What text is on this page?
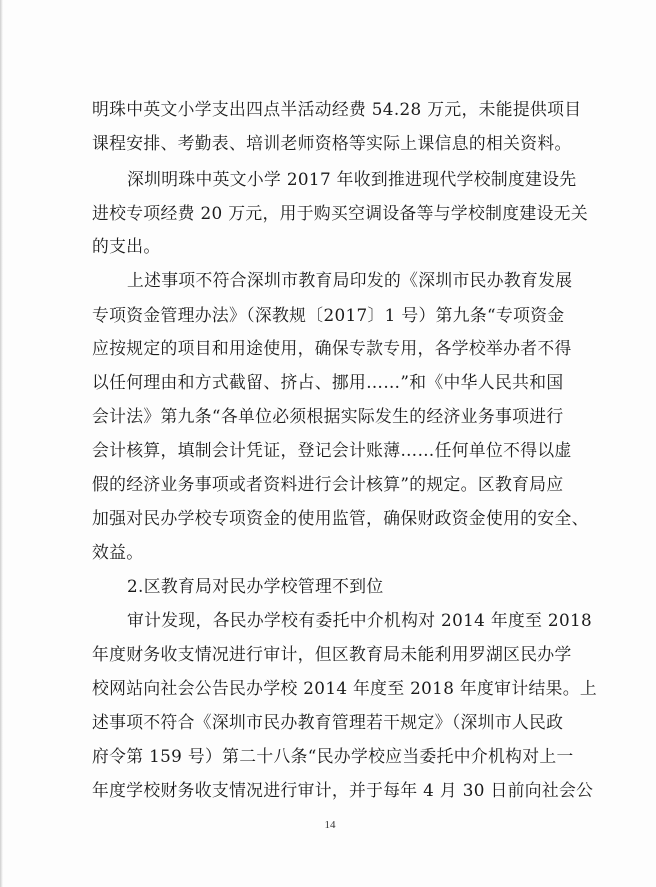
明珠中英文小学支出四点半活动经费 54.28 万元，未能提供项目
课程安排、考勤表、培训老师资格等实际上课信息的相关资料。
深圳明珠中英文小学 2017 年收到推进现代学校制度建设先
进校专项经费 20 万元，用于购买空调设备等与学校制度建设无关
的支出。
上述事项不符合深圳市教育局印发的《深圳市民办教育发展
专项资金管理办法》（深教规〔2017〕1 号）第九条“专项资金
应按规定的项目和用途使用，确保专款专用，各学校举办者不得
以任何理由和方式截留、挤占、挪用……”和《中华人民共和国
会计法》第九条“各单位必须根据实际发生的经济业务事项进行
会计核算，填制会计凭证，登记会计账薄……任何单位不得以虚
假的经济业务事项或者资料进行会计核算”的规定。区教育局应
加强对民办学校专项资金的使用监管，确保财政资金使用的安全、
效益。
2.区教育局对民办学校管理不到位
审计发现，各民办学校有委托中介机构对 2014 年度至 2018
年度财务收支情况进行审计，但区教育局未能利用罗湖区民办学
校网站向社会公告民办学校 2014 年度至 2018 年度审计结果。上
述事项不符合《深圳市民办教育管理若干规定》（深圳市人民政
府令第 159 号）第二十八条“民办学校应当委托中介机构对上一
年度学校财务收支情况进行审计，并于每年 4 月 30 日前向社会公
14
